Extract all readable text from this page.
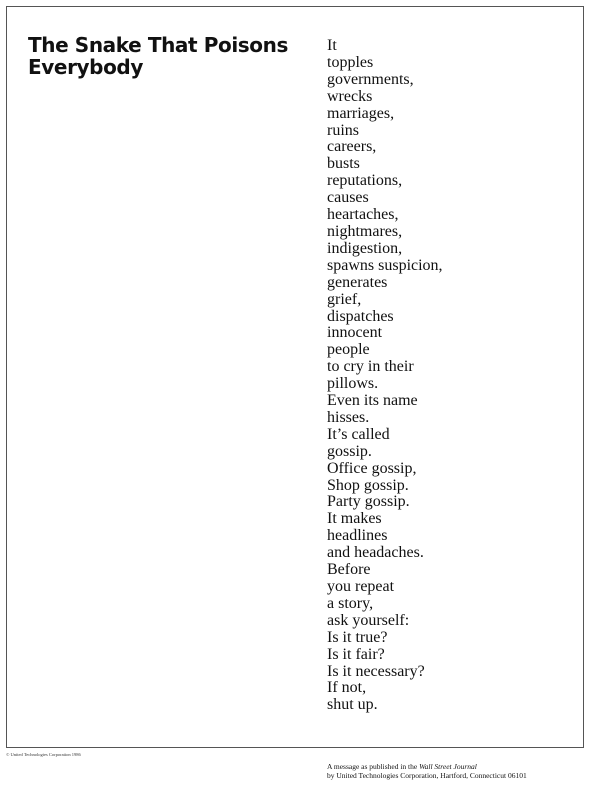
The Snake That Poisons
Everybody
It
topples
governments,
wrecks
marriages,
ruins
careers,
busts
reputations,
causes
heartaches,
nightmares,
indigestion,
spawns suspicion,
generates
grief,
dispatches
innocent
people
to cry in their
pillows.
Even its name
hisses.
It’s called
gossip.
Office gossip,
Shop gossip.
Party gossip.
It makes
headlines
and headaches.
Before
you repeat
a story,
ask yourself:
Is it true?
Is it fair?
Is it necessary?
If not,
shut up.
© United Technologies Corporation 1986
A message as published in the Wall Street Journal
by United Technologies Corporation, Hartford, Connecticut 06101
